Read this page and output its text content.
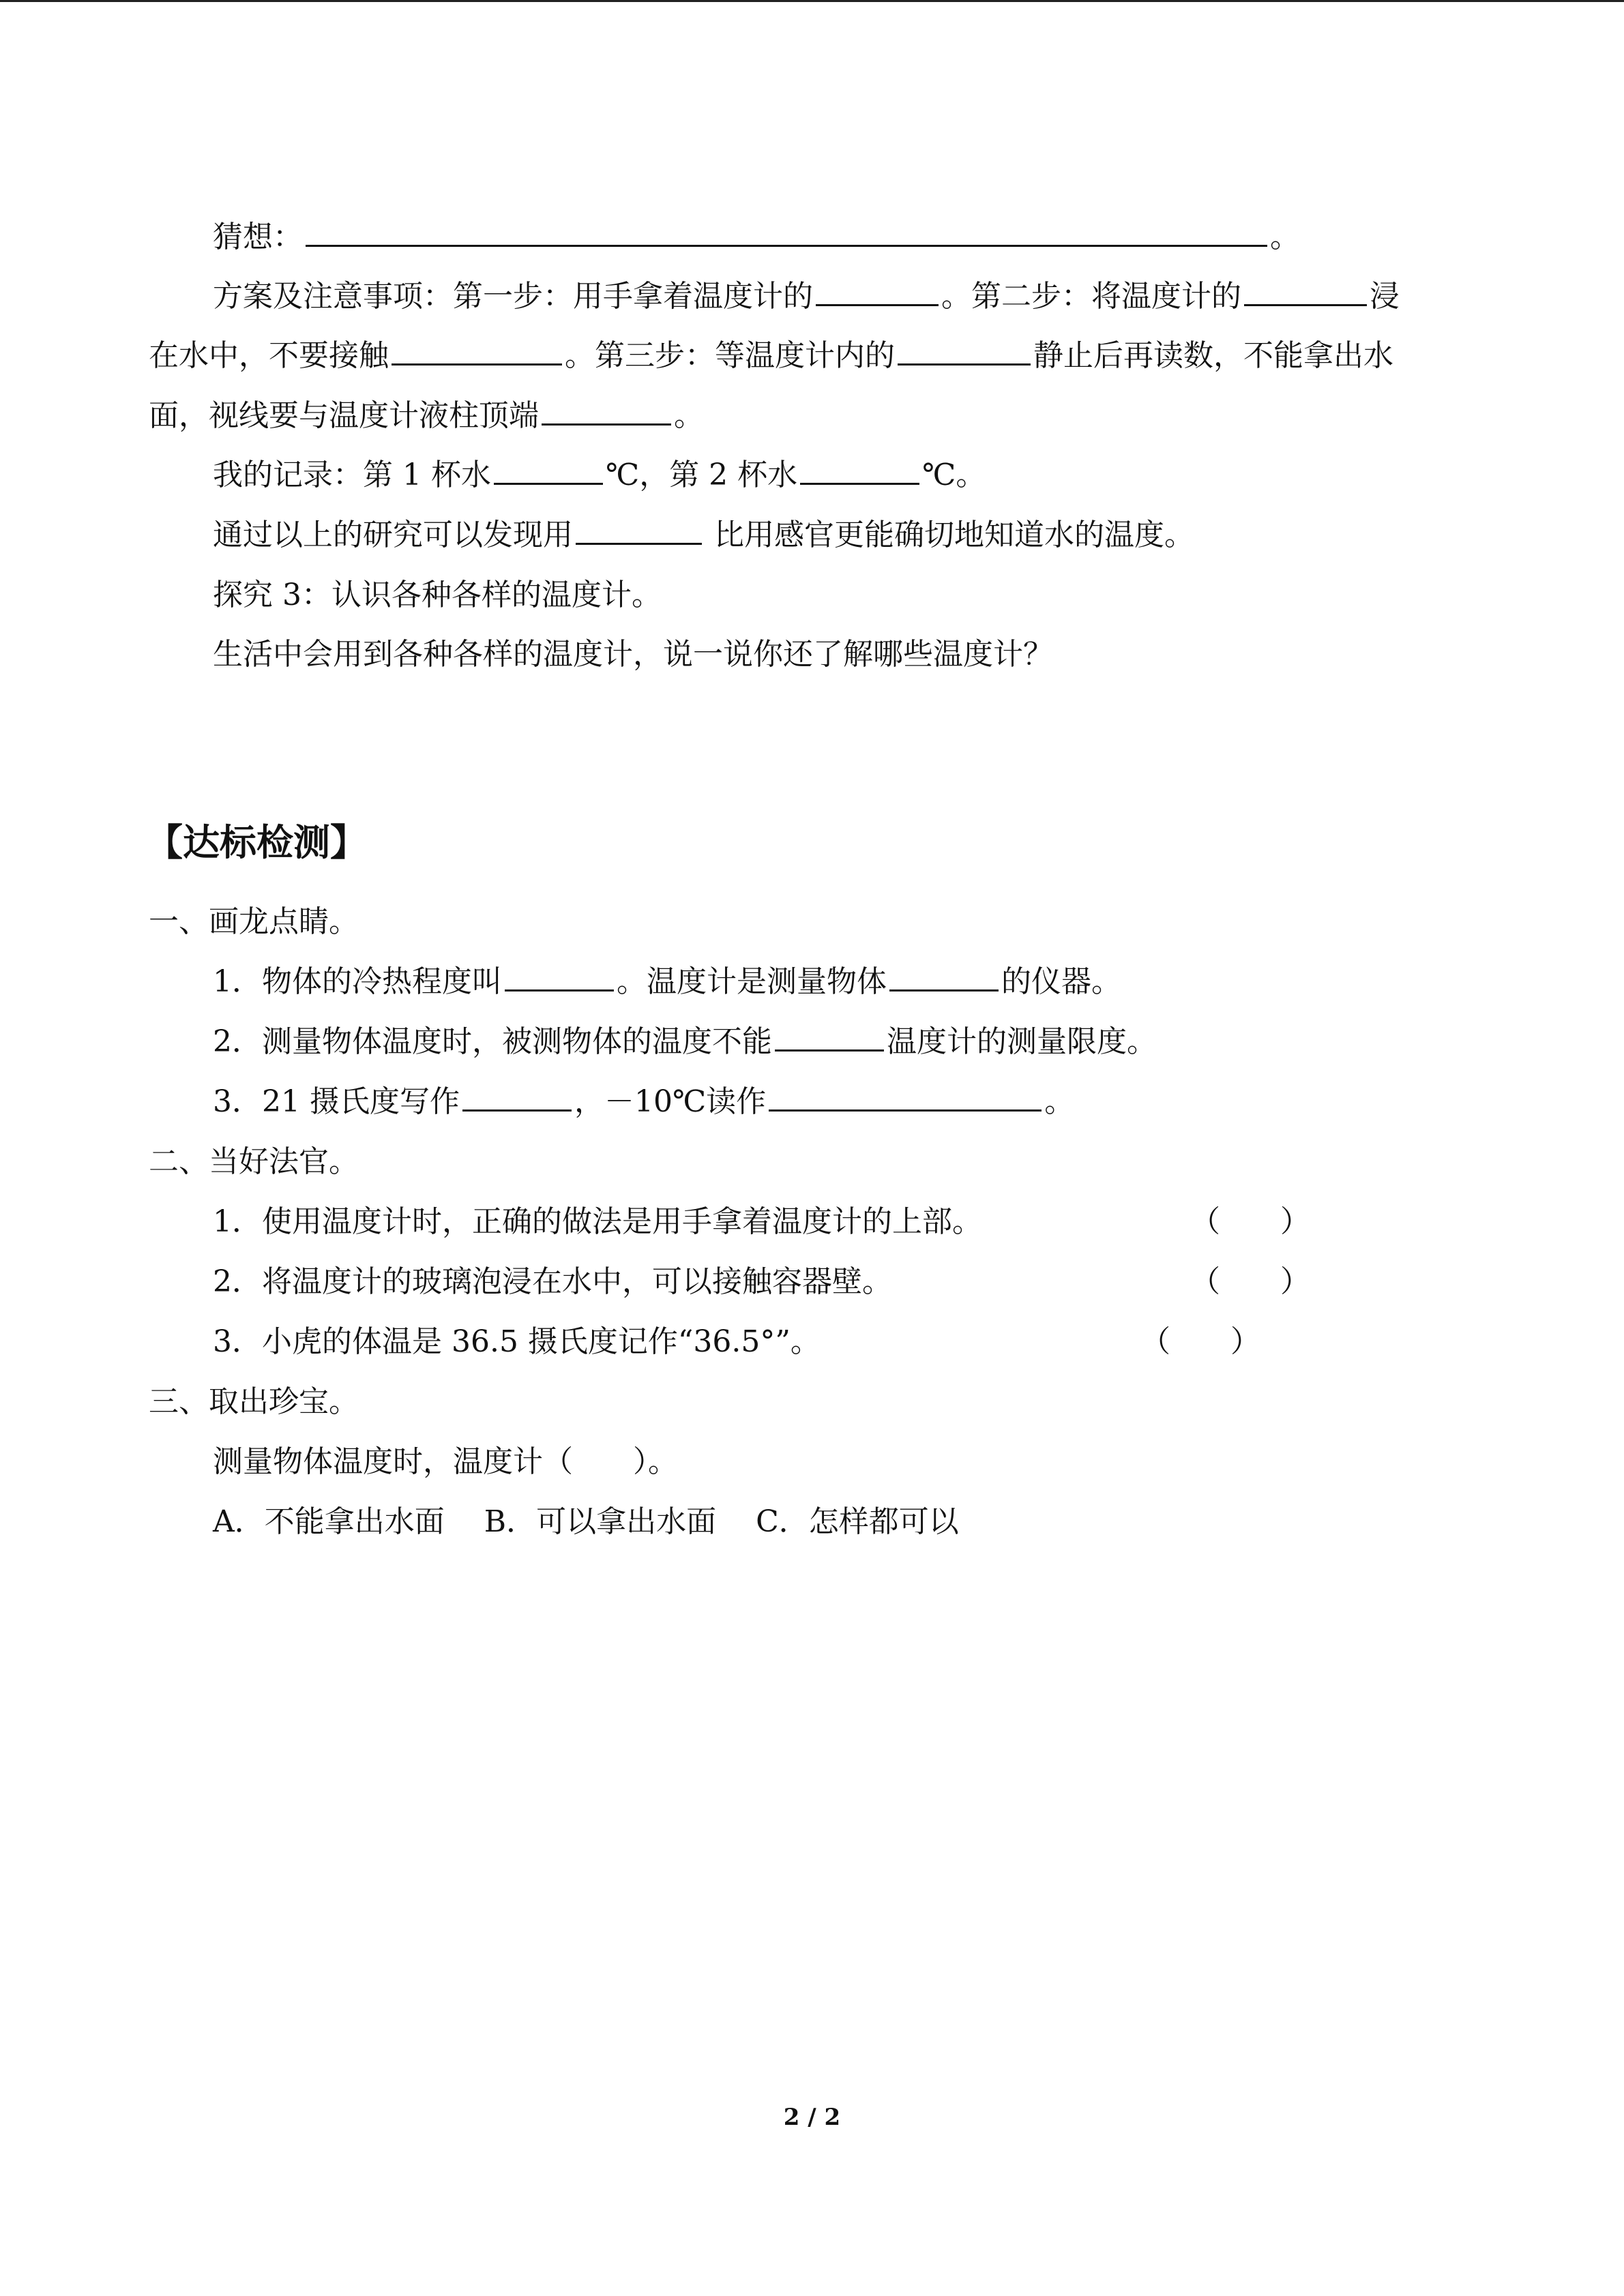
猜想：	。
方案及注意事项：第一步：用手拿着温度计的	。第二步：将温度计的	浸
在水中，不要接触	。第三步：等温度计内的	静止后再读数，不能拿出水
面，视线要与温度计液柱顶端	。
我的记录：第 1 杯水	℃，第 2 杯水	℃。
通过以上的研究可以发现用	比用感官更能确切地知道水的温度。
探究 3：认识各种各样的温度计。
生活中会用到各种各样的温度计，说一说你还了解哪些温度计？
【达标检测】
一、画龙点睛。
1．物体的冷热程度叫	。温度计是测量物体	的仪器。
2．测量物体温度时，被测物体的温度不能	温度计的测量限度。
3．21 摄氏度写作	，－10℃读作	。
二、当好法官。
1．使用温度计时，正确的做法是用手拿着温度计的上部。	（　　）
2．将温度计的玻璃泡浸在水中，可以接触容器壁。	（　　）
3．小虎的体温是 36.5 摄氏度记作“36.5°”。	（　　）
三、取出珍宝。
测量物体温度时，温度计（　　）。
A．不能拿出水面　 B．可以拿出水面　 C．怎样都可以
2 / 2
